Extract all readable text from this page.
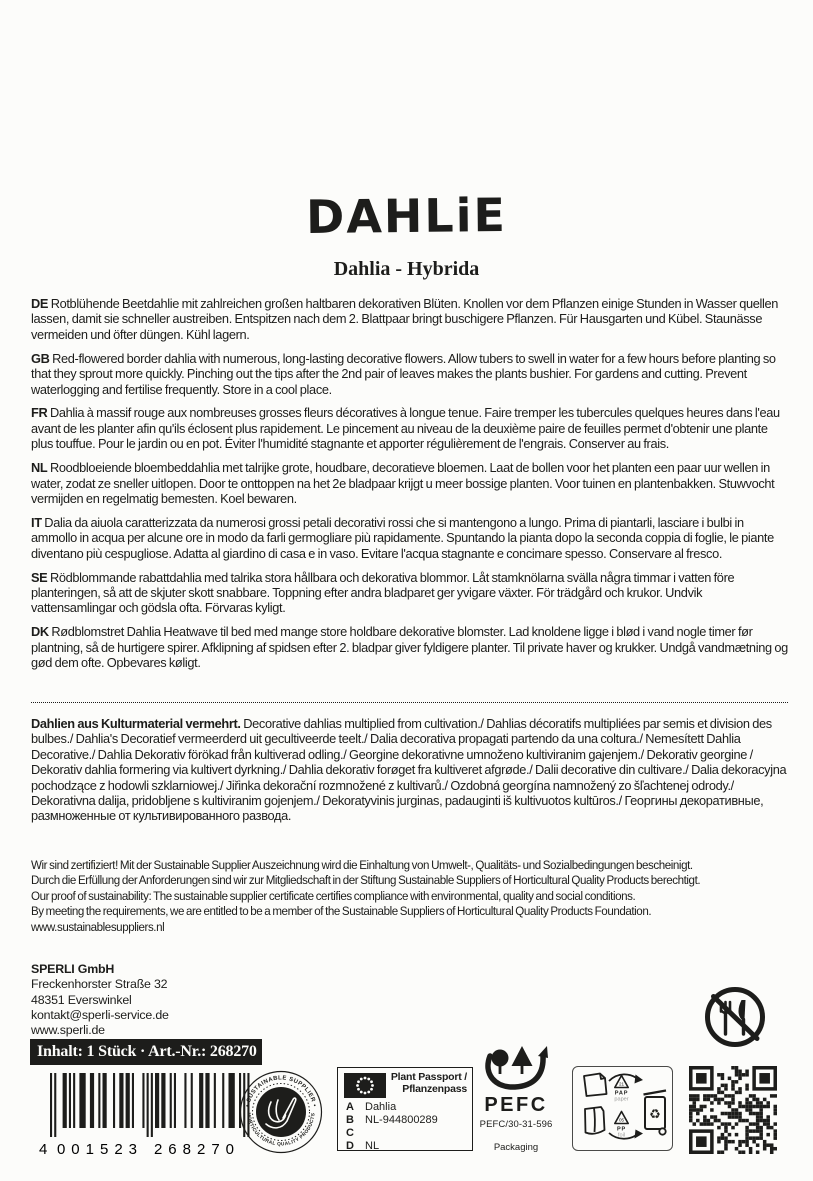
DAHLiE
Dahlia - Hybrida

DE Rotblühende Beetdahlie mit zahlreichen großen haltbaren dekorativen Blüten. Knollen vor dem Pflanzen einige Stunden in Wasser quellen lassen, damit sie schneller austreiben. Entspitzen nach dem 2. Blattpaar bringt buschigere Pflanzen. Für Hausgarten und Kübel. Staunässe vermeiden und öfter düngen. Kühl lagern.

GB Red-flowered border dahlia with numerous, long-lasting decorative flowers. Allow tubers to swell in water for a few hours before planting so that they sprout more quickly. Pinching out the tips after the 2nd pair of leaves makes the plants bushier. For gardens and cutting. Prevent waterlogging and fertilise frequently. Store in a cool place.

FR Dahlia à massif rouge aux nombreuses grosses fleurs décoratives à longue tenue. Faire tremper les tubercules quelques heures dans l'eau avant de les planter afin qu'ils éclosent plus rapidement. Le pincement au niveau de la deuxième paire de feuilles permet d'obtenir une plante plus touffue. Pour le jardin ou en pot. Éviter l'humidité stagnante et apporter régulièrement de l'engrais. Conserver au frais.

NL Roodbloeiende bloembeddahlia met talrijke grote, houdbare, decoratieve bloemen. Laat de bollen voor het planten een paar uur wellen in water, zodat ze sneller uitlopen. Door te onttoppen na het 2e bladpaar krijgt u meer bossige planten. Voor tuinen en plantenbakken. Stuwvocht vermijden en regelmatig bemesten. Koel bewaren.

IT Dalia da aiuola caratterizzata da numerosi grossi petali decorativi rossi che si mantengono a lungo. Prima di piantarli, lasciare i bulbi in ammollo in acqua per alcune ore in modo da farli germogliare più rapidamente. Spuntando la pianta dopo la seconda coppia di foglie, le piante diventano più cespugliose. Adatta al giardino di casa e in vaso. Evitare l'acqua stagnante e concimare spesso. Conservare al fresco.

SE Rödblommande rabattdahlia med talrika stora hållbara och dekorativa blommor. Låt stamknölarna svälla några timmar i vatten före planteringen, så att de skjuter skott snabbare. Toppning efter andra bladparet ger yvigare växter. För trädgård och krukor. Undvik vattensamlingar och gödsla ofta. Förvaras kyligt.

DK Rødblomstret Dahlia Heatwave til bed med mange store holdbare dekorative blomster. Lad knoldene ligge i blød i vand nogle timer før plantning, så de hurtigere spirer. Afklipning af spidsen efter 2. bladpar giver fyldigere planter. Til private haver og krukker. Undgå vandmætning og gød dem ofte. Opbevares køligt.

Dahlien aus Kulturmaterial vermehrt. Decorative dahlias multiplied from cultivation./ Dahlias décoratifs multipliées par semis et division des bulbes./ Dahlia's Decoratief vermeerderd uit gecultiveerde teelt./ Dalia decorativa propagati partendo da una coltura./ Nemesített Dahlia Decorative./ Dahlia Dekorativ förökad från kultiverad odling./ Georgine dekorativne umnoženo kultiviranim gajenjem./ Dekorativ georgine / Dekorativ dahlia formering via kultivert dyrkning./ Dahlia dekorativ forøget fra kultiveret afgrøde./ Dalii decorative din cultivare./ Dalia dekoracyjna pochodzące z hodowli szklarniowej./ Jiřinka dekorační rozmnožené z kultivarů./ Ozdobná georgína namnožený zo šľachtenej odrody./ Dekorativna dalija, pridobljene s kultiviranim gojenjem./ Dekoratyvinis jurginas, padauginti iš kultivuotos kultūros./ Георгины декоративные, размноженные от культивированного развода.

Wir sind zertifiziert! Mit der Sustainable Supplier Auszeichnung wird die Einhaltung von Umwelt-, Qualitäts- und Sozialbedingungen bescheinigt.
Durch die Erfüllung der Anforderungen sind wir zur Mitgliedschaft in der Stiftung Sustainable Suppliers of Horticultural Quality Products berechtigt.
Our proof of sustainability: The sustainable supplier certificate certifies compliance with environmental, quality and social conditions.
By meeting the requirements, we are entitled to be a member of the Sustainable Suppliers of Horticultural Quality Products Foundation.
www.sustainablesuppliers.nl
SPERLI GmbH
Freckenhorster Straße 32
48351 Everswinkel
kontakt@sperli-service.de
www.sperli.de
Inhalt: 1 Stück · Art.-Nr.: 268270
4 001523 268270
• SUSTAINABLE SUPPLIER •
HORTICULTURAL QUALITY PRODUCTS
Plant Passport /
Pflanzenpass
A Dahlia
B NL-944800289
C
D NL
PEFC
PEFC/30-31-596
Packaging
21
PAP
paper
05
PP
foil
♻
